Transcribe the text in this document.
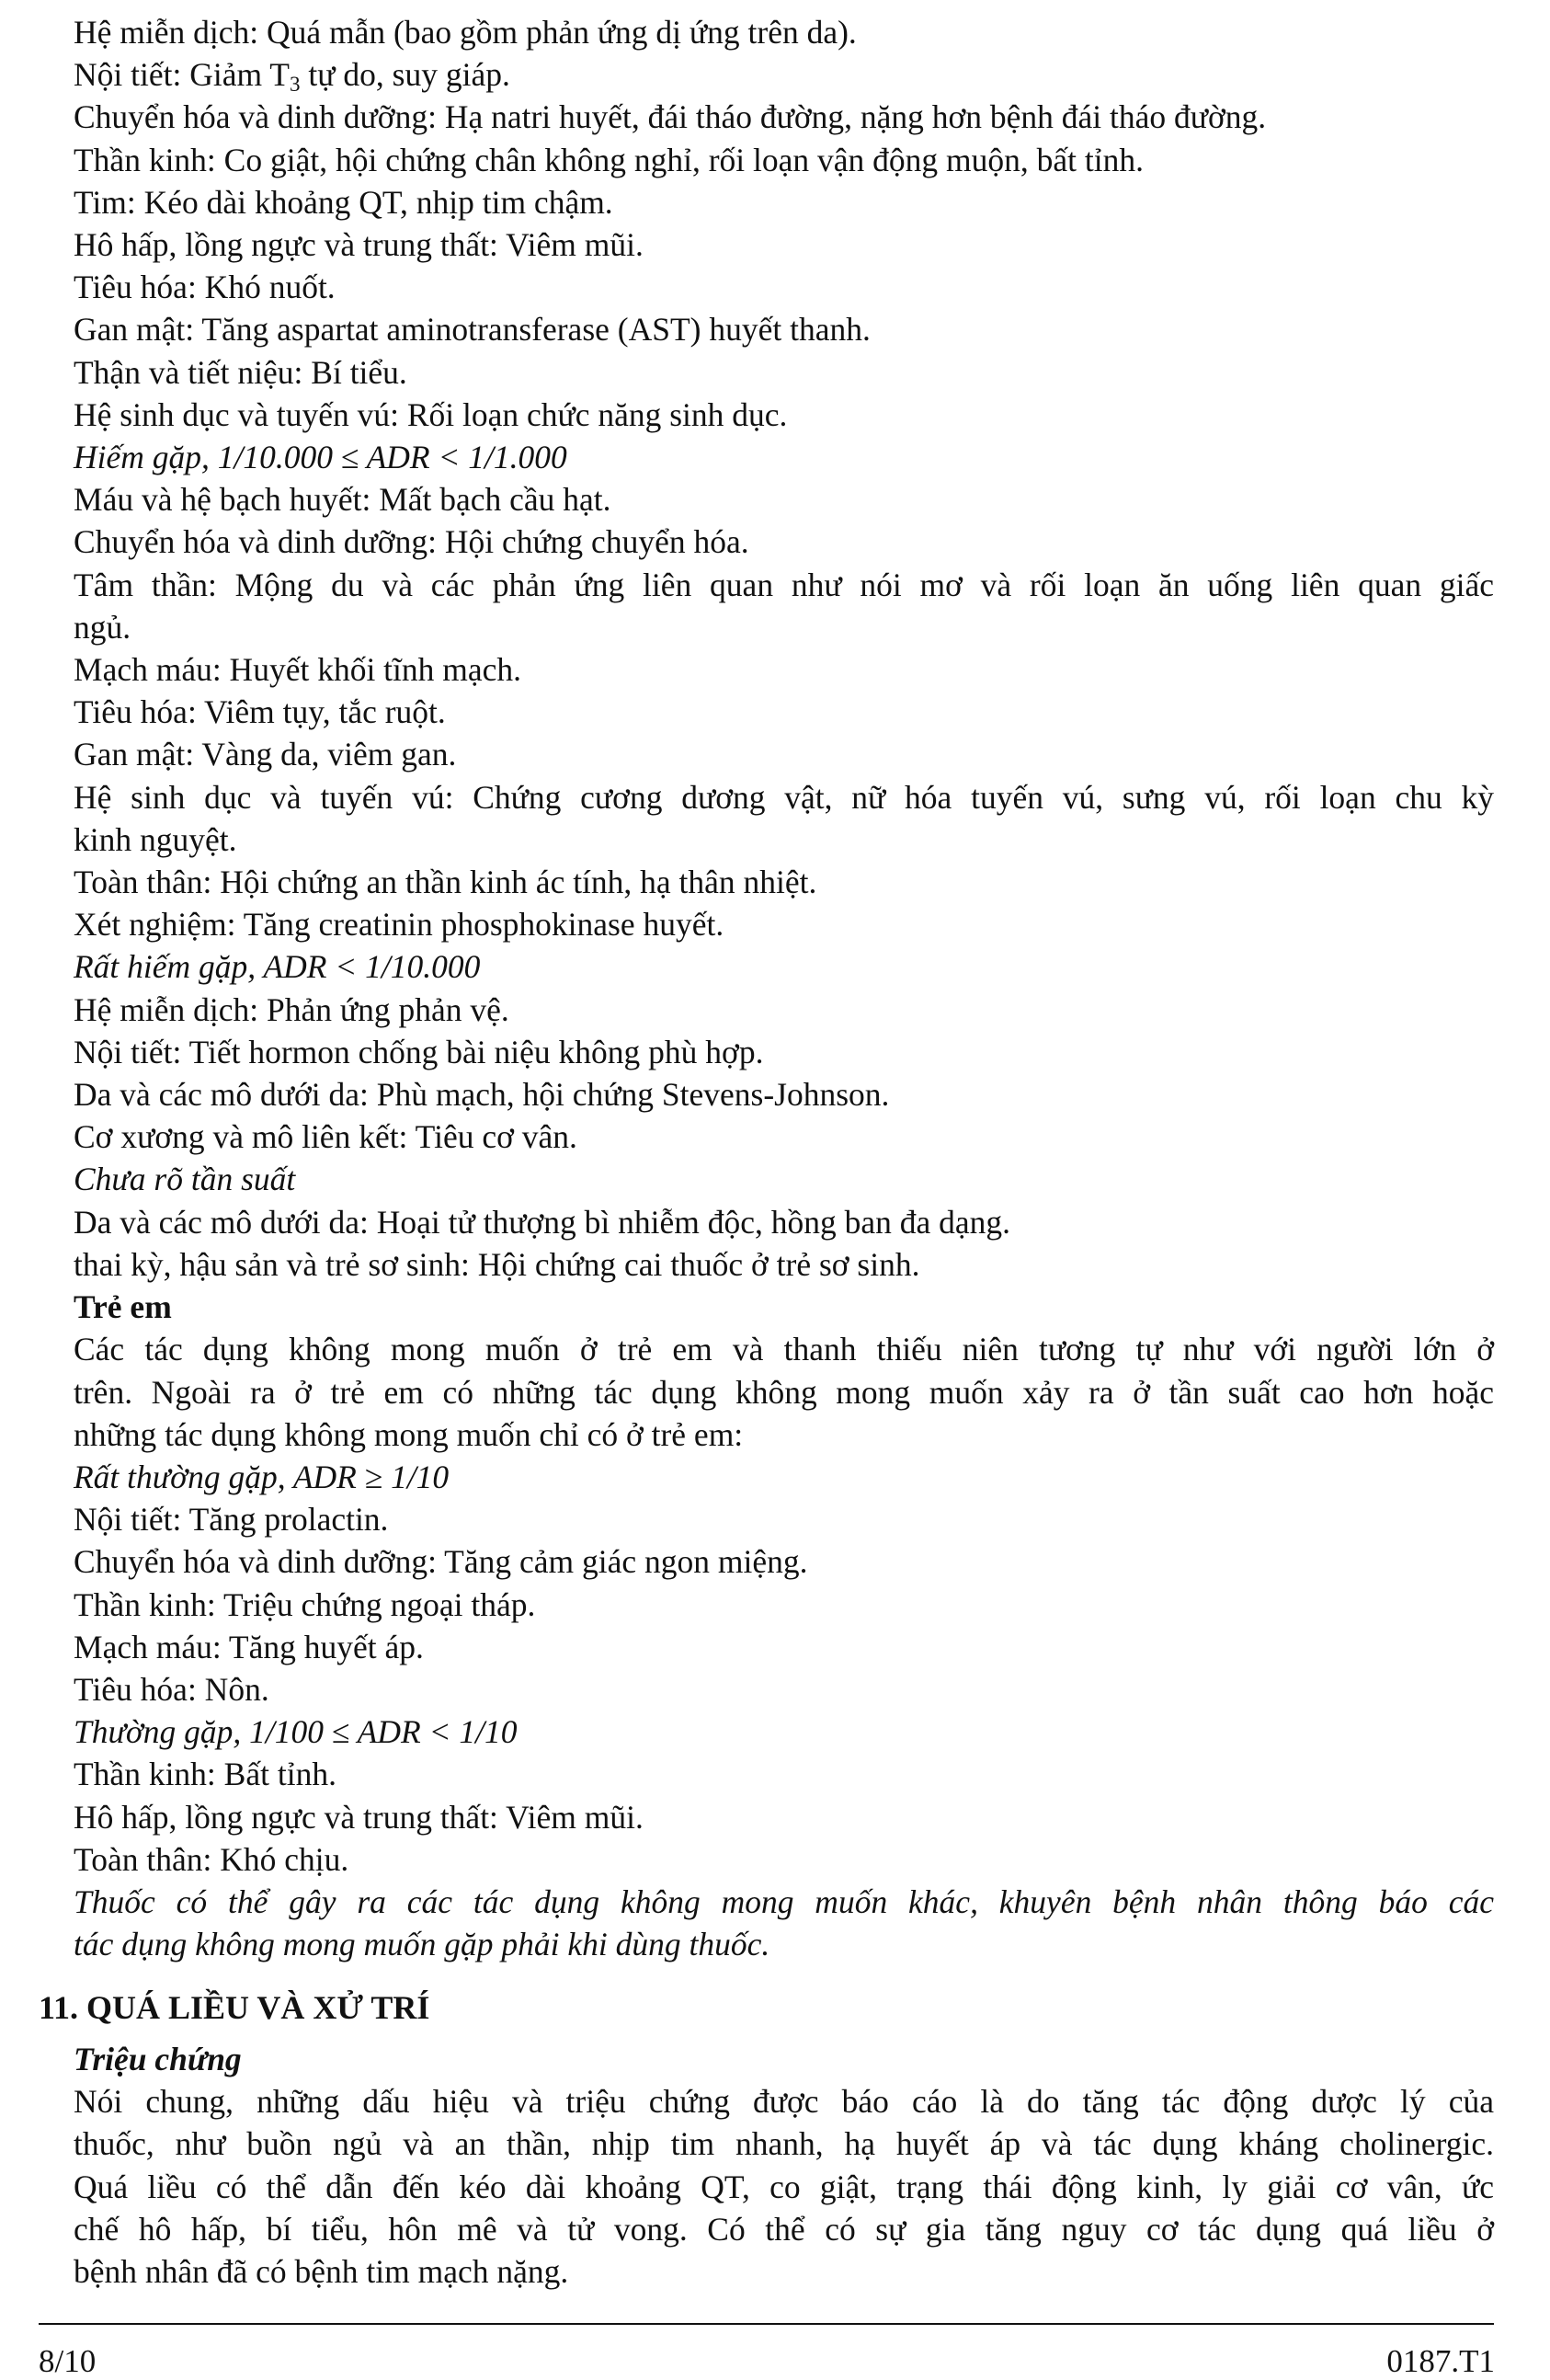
Hệ miễn dịch: Quá mẫn (bao gồm phản ứng dị ứng trên da).
Nội tiết: Giảm $T_3$ tự do, suy giáp.
Chuyển hóa và dinh dưỡng: Hạ natri huyết, đái tháo đường, nặng hơn bệnh đái tháo đường.
Thần kinh: Co giật, hội chứng chân không nghỉ, rối loạn vận động muộn, bất tỉnh.
Tim: Kéo dài khoảng QT, nhịp tim chậm.
Hô hấp, lồng ngực và trung thất: Viêm mũi.
Tiêu hóa: Khó nuốt.
Gan mật: Tăng aspartat aminotransferase (AST) huyết thanh.
Thận và tiết niệu: Bí tiểu.
Hệ sinh dục và tuyến vú: Rối loạn chức năng sinh dục.
Hiếm gặp, 1/10.000 ≤ ADR < 1/1.000
Máu và hệ bạch huyết: Mất bạch cầu hạt.
Chuyển hóa và dinh dưỡng: Hội chứng chuyển hóa.
Tâm thần: Mộng du và các phản ứng liên quan như nói mơ và rối loạn ăn uống liên quan giấc
ngủ.
Mạch máu: Huyết khối tĩnh mạch.
Tiêu hóa: Viêm tụy, tắc ruột.
Gan mật: Vàng da, viêm gan.
Hệ sinh dục và tuyến vú: Chứng cương dương vật, nữ hóa tuyến vú, sưng vú, rối loạn chu kỳ
kinh nguyệt.
Toàn thân: Hội chứng an thần kinh ác tính, hạ thân nhiệt.
Xét nghiệm: Tăng creatinin phosphokinase huyết.
Rất hiếm gặp, ADR < 1/10.000
Hệ miễn dịch: Phản ứng phản vệ.
Nội tiết: Tiết hormon chống bài niệu không phù hợp.
Da và các mô dưới da: Phù mạch, hội chứng Stevens-Johnson.
Cơ xương và mô liên kết: Tiêu cơ vân.
Chưa rõ tần suất
Da và các mô dưới da: Hoại tử thượng bì nhiễm độc, hồng ban đa dạng.
thai kỳ, hậu sản và trẻ sơ sinh: Hội chứng cai thuốc ở trẻ sơ sinh.
Trẻ em
Các tác dụng không mong muốn ở trẻ em và thanh thiếu niên tương tự như với người lớn ở
trên. Ngoài ra ở trẻ em có những tác dụng không mong muốn xảy ra ở tần suất cao hơn hoặc
những tác dụng không mong muốn chỉ có ở trẻ em:
Rất thường gặp, ADR ≥ 1/10
Nội tiết: Tăng prolactin.
Chuyển hóa và dinh dưỡng: Tăng cảm giác ngon miệng.
Thần kinh: Triệu chứng ngoại tháp.
Mạch máu: Tăng huyết áp.
Tiêu hóa: Nôn.
Thường gặp, 1/100 ≤ ADR < 1/10
Thần kinh: Bất tỉnh.
Hô hấp, lồng ngực và trung thất: Viêm mũi.
Toàn thân: Khó chịu.
Thuốc có thể gây ra các tác dụng không mong muốn khác, khuyên bệnh nhân thông báo các
tác dụng không mong muốn gặp phải khi dùng thuốc.
11. QUÁ LIỀU VÀ XỬ TRÍ
Triệu chứng
Nói chung, những dấu hiệu và triệu chứng được báo cáo là do tăng tác động dược lý của
thuốc, như buồn ngủ và an thần, nhịp tim nhanh, hạ huyết áp và tác dụng kháng cholinergic.
Quá liều có thể dẫn đến kéo dài khoảng QT, co giật, trạng thái động kinh, ly giải cơ vân, ức
chế hô hấp, bí tiểu, hôn mê và tử vong. Có thể có sự gia tăng nguy cơ tác dụng quá liều ở
bệnh nhân đã có bệnh tim mạch nặng.
8/10	0187.T1
